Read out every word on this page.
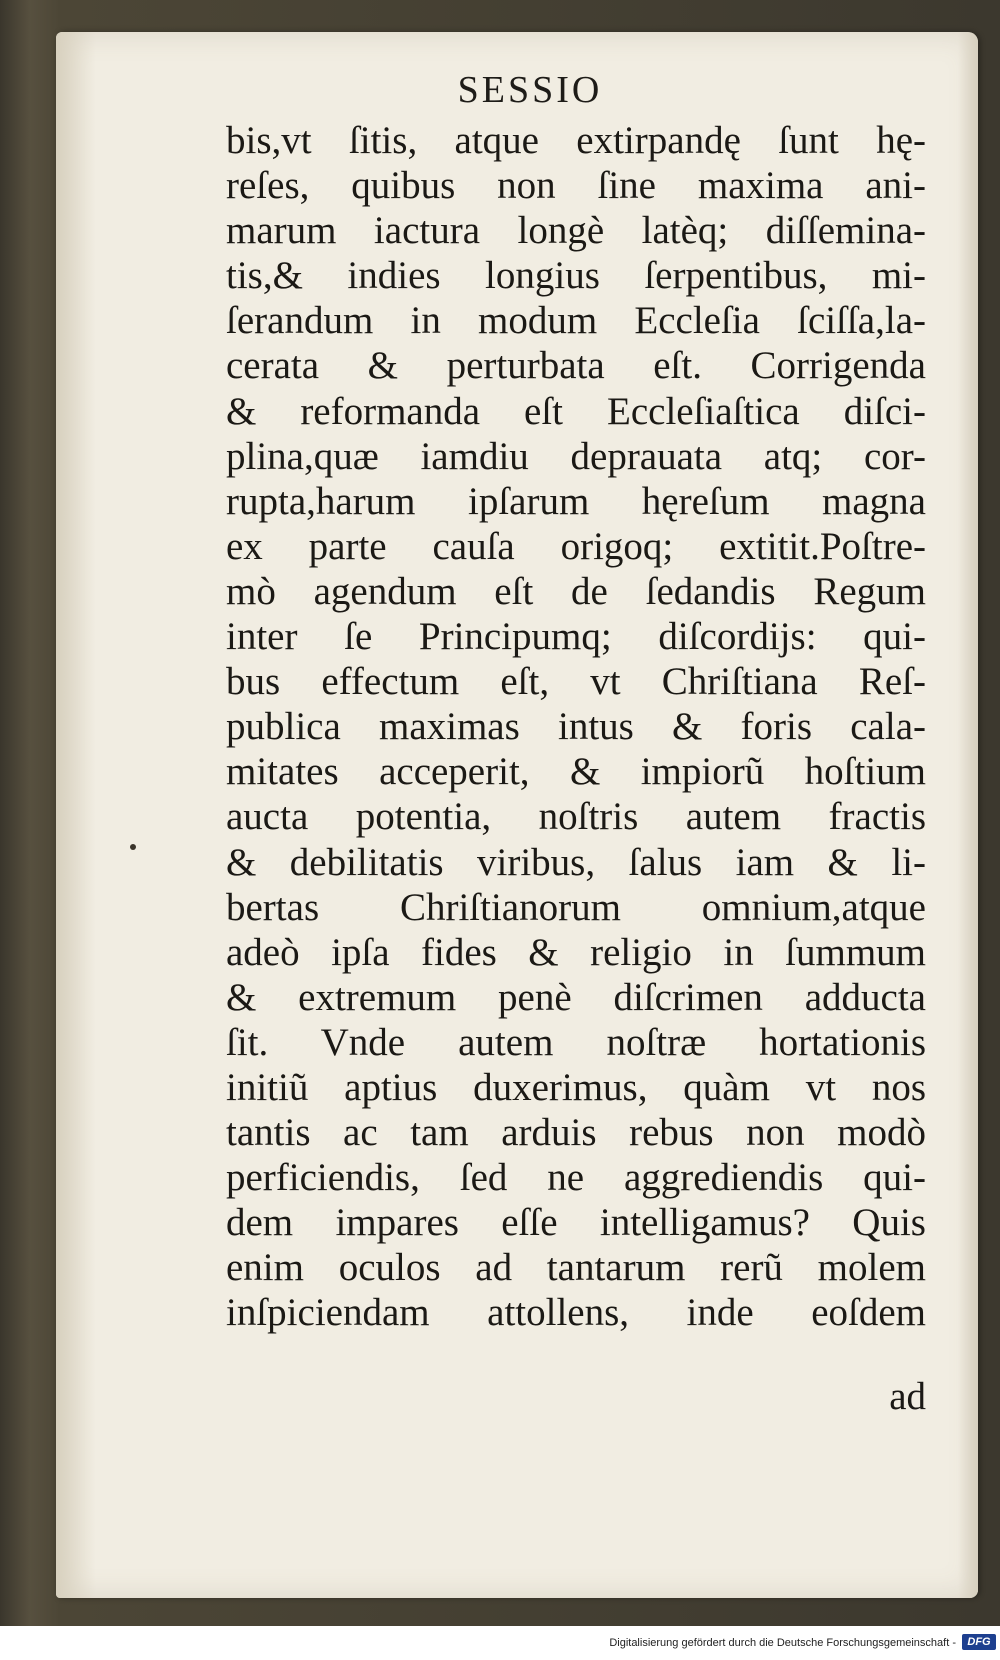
SESSIO
bis,vt ſitis, atque extirpandę ſunt hę-
reſes, quibus non ſine maxima ani-
marum iactura longè latèq; diſſemina-
tis,& indies longius ſerpentibus, mi-
ſerandum in modum Eccleſia ſciſſa,la-
cerata & perturbata eſt. Corrigenda
& reformanda eſt Eccleſiaſtica diſci-
plina,quæ iamdiu deprauata atq; cor-
rupta,harum ipſarum hęreſum magna
ex parte cauſa origoq; extitit.Poſtre-
mò agendum eſt de ſedandis Regum
inter ſe Principumq; diſcordijs: qui-
bus effectum eſt, vt Chriſtiana Reſ-
publica maximas intus & foris cala-
mitates acceperit, & impiorũ hoſtium
aucta potentia, noſtris autem fractis
& debilitatis viribus, ſalus iam & li-
bertas Chriſtianorum omnium,atque
adeò ipſa fides & religio in ſummum
& extremum penè diſcrimen adducta
ſit. Vnde autem noſtræ hortationis
initiũ aptius duxerimus, quàm vt nos
tantis ac tam arduis rebus non modò
perficiendis, ſed ne aggrediendis qui-
dem impares eſſe intelligamus? Quis
enim oculos ad tantarum rerũ molem
inſpiciendam attollens, inde eoſdem
ad
Digitalisierung gefördert durch die Deutsche Forschungsgemeinschaft -	DFG
